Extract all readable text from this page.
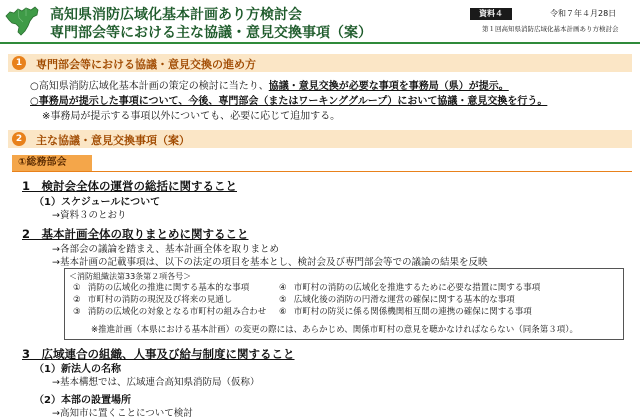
高知県消防広域化基本計画あり方検討会
専門部会等における主な協議・意見交換事項（案）
資料４	令和７年４月28日
第１回高知県消防広域化基本計画あり方検討会
1	専門部会等における協議・意見交換の進め方
○高知県消防広域化基本計画の策定の検討に当たり、協議・意見交換が必要な事項を事務局（県）が提示。
○事務局が提示した事項について、今後、専門部会（またはワーキンググループ）において協議・意見交換を行う。
※事務局が提示する事項以外についても、必要に応じて追加する。
2	主な協議・意見交換事項（案）
①総務部会
1　検討会全体の運営の総括に関すること
（1）スケジュールについて
→資料３のとおり
2　基本計画全体の取りまとめに関すること
→各部会の議論を踏まえ、基本計画全体を取りまとめ
→基本計画の記載事項は、以下の法定の項目を基本とし、検討会及び専門部会等での議論の結果を反映
＜消防組織法第33条第２項各号＞
① 消防の広域化の推進に関する基本的な事項
② 市町村の消防の現況及び将来の見通し
③ 消防の広域化の対象となる市町村の組み合わせ
④ 市町村の消防の広域化を推進するために必要な措置に関する事項
⑤ 広域化後の消防の円滑な運営の確保に関する基本的な事項
⑥ 市町村の防災に係る関係機関相互間の連携の確保に関する事項
※推進計画（本県における基本計画）の変更の際には、あらかじめ、関係市町村の意見を聴かなければならない（同条第３項）。
3　広域連合の組織、人事及び給与制度に関すること
（1）新法人の名称
→基本構想では、広域連合高知県消防局（仮称）
（2）本部の設置場所
→高知市に置くことについて検討
